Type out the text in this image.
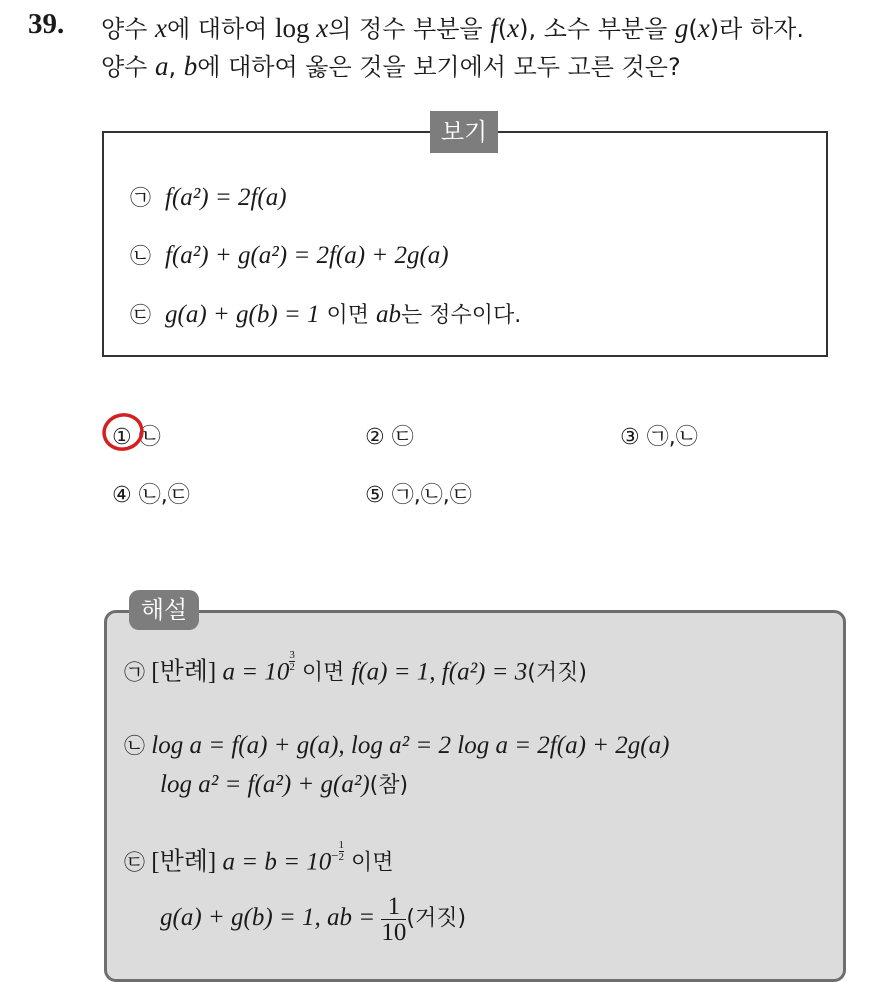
39. 양수 x에 대하여 log x의 정수 부분을 f(x), 소수 부분을 g(x)라 하자.
양수 a, b에 대하여 옳은 것을 보기에서 모두 고른 것은?
보기
㉠ f(a²) = 2f(a)
㉡ f(a²) + g(a²) = 2f(a) + 2g(a)
㉢ g(a) + g(b) = 1 이면 ab는 정수이다.
① ㉡	② ㉢	③ ㉠,㉡
④ ㉡,㉢	⑤ ㉠,㉡,㉢
해설
㉠ [반례] $a = 10 \frac{3}{2}$ 이면 f(a) = 1, f(a²) = 3(거짓)
㉡ log a = f(a) + g(a), log a² = 2 log a = 2f(a) + 2g(a)
log a² = f(a²) + g(a²)(참)
㉢ [반례] $a = b = 10^- \frac{1}{2}$ 이면
g(a) + g(b) = 1, ab = $\frac{1}{10}$ (거짓)
